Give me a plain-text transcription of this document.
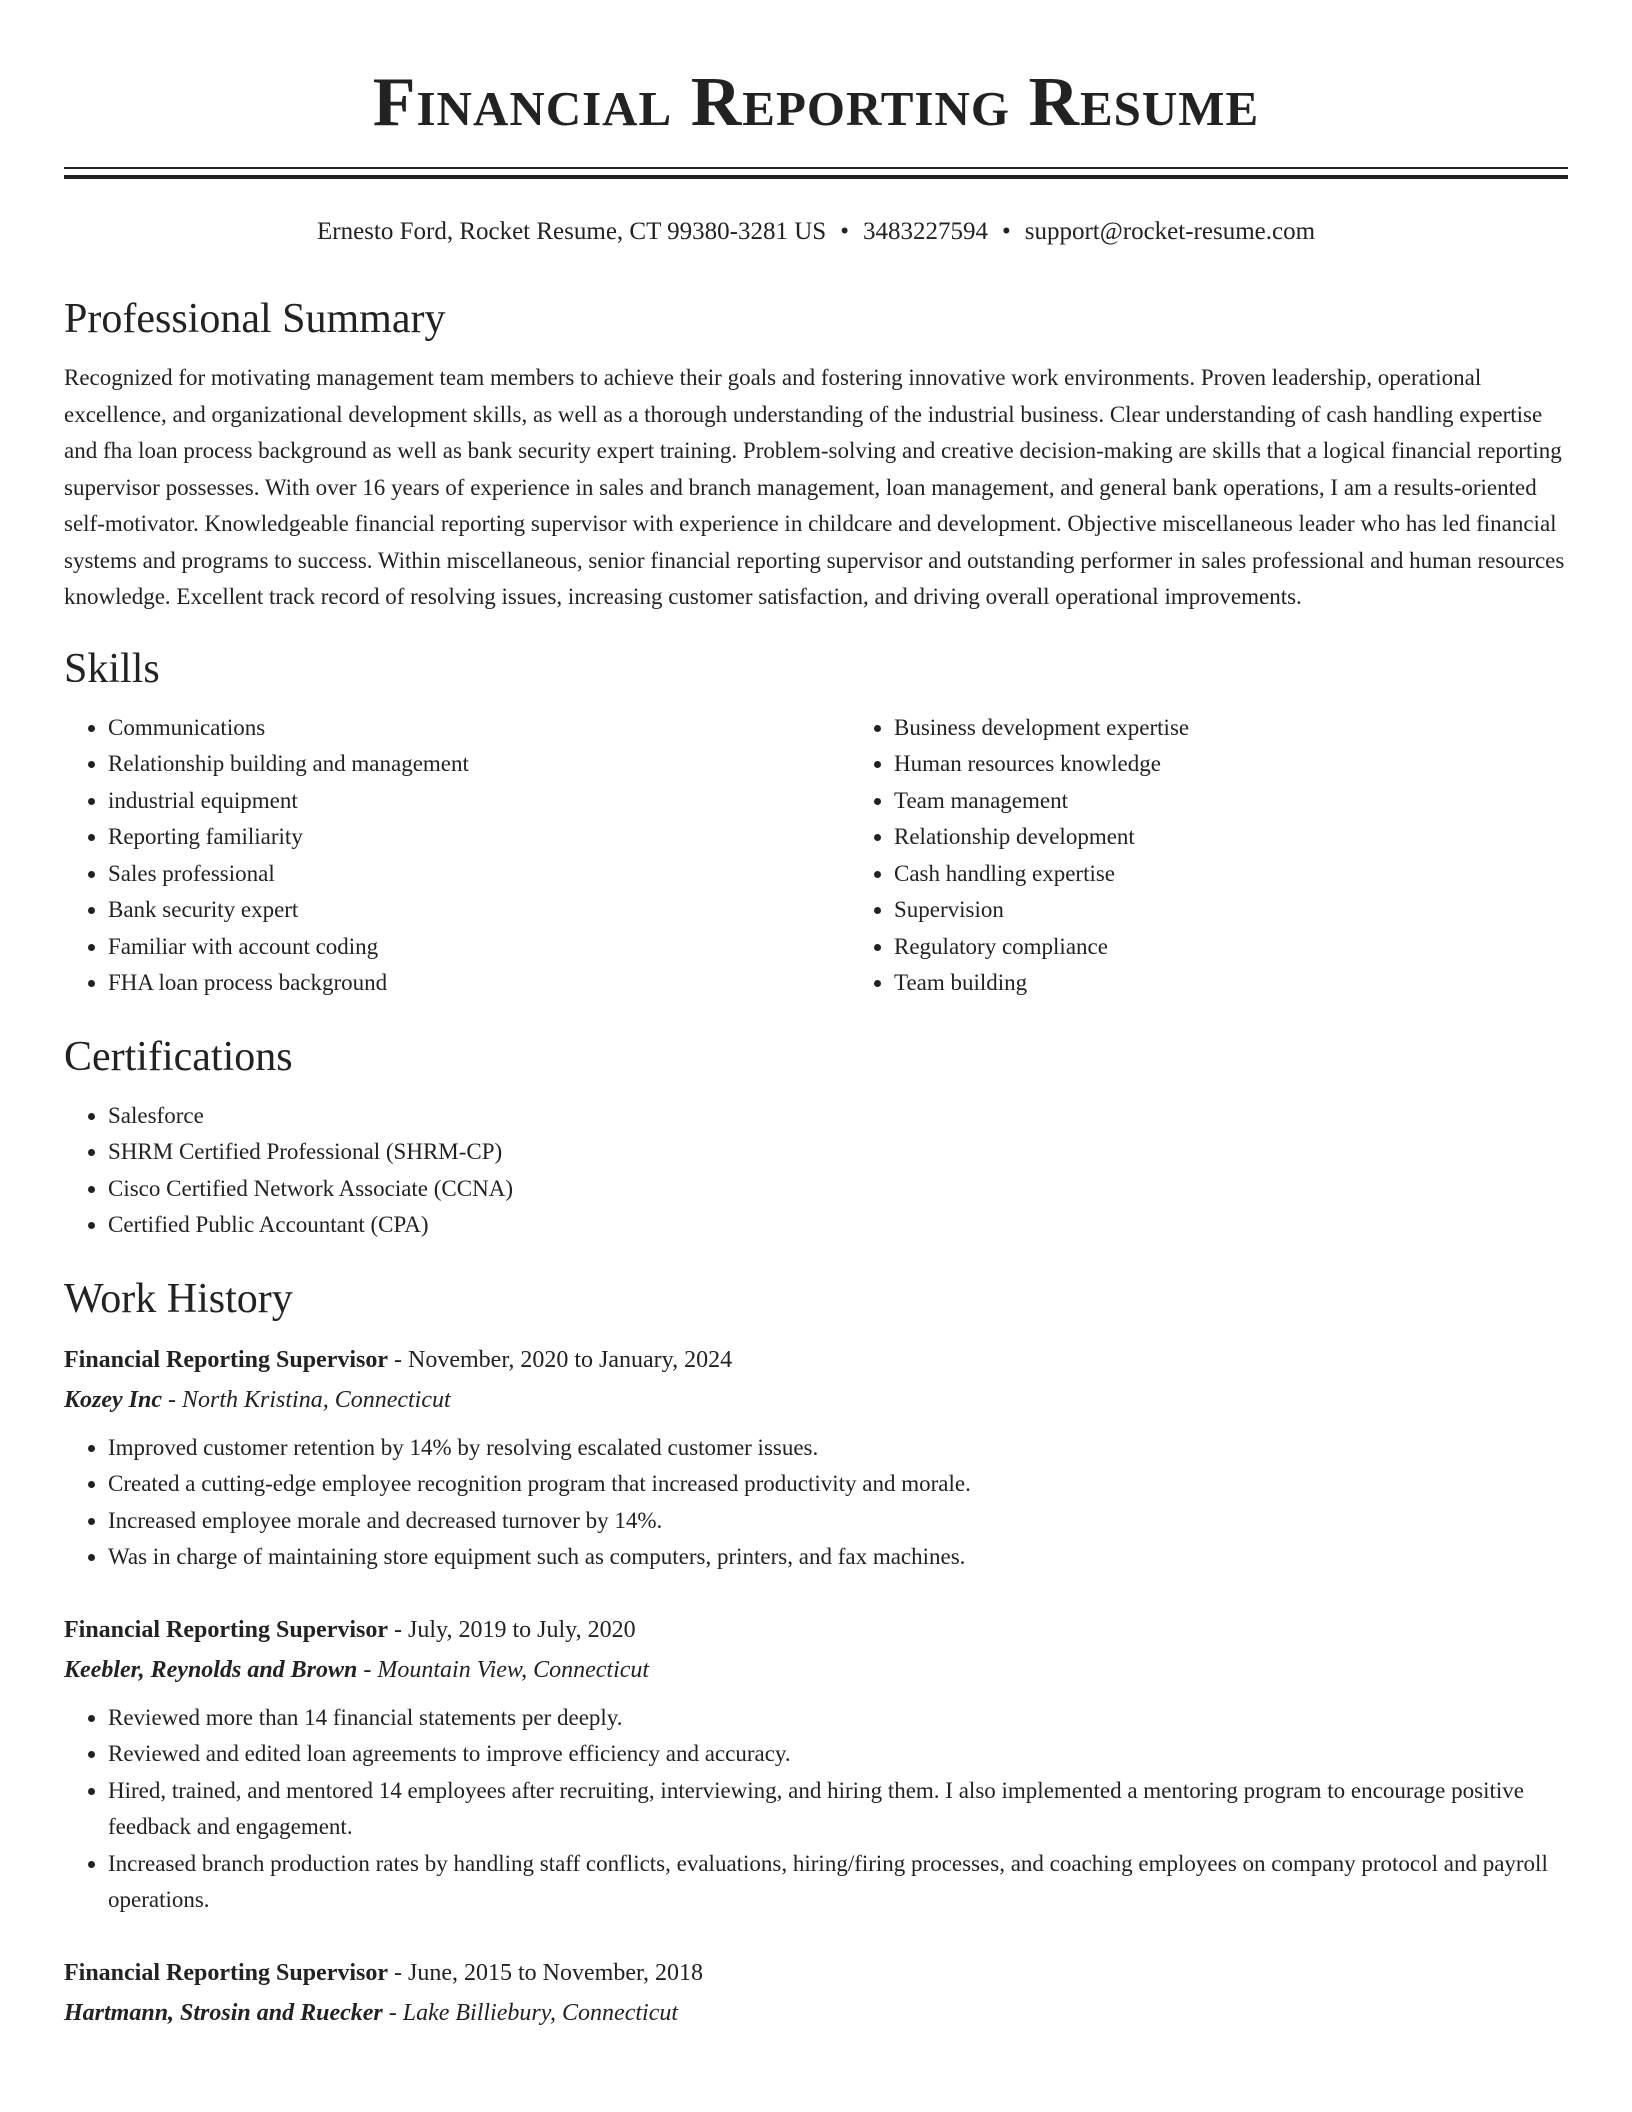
Financial Reporting Resume
Ernesto Ford, Rocket Resume, CT 99380-3281 US • 3483227594 • support@rocket-resume.com
Professional Summary

Recognized for motivating management team members to achieve their goals and fostering innovative work environments. Proven leadership, operational excellence, and organizational development skills, as well as a thorough understanding of the industrial business. Clear understanding of cash handling expertise and fha loan process background as well as bank security expert training. Problem-solving and creative decision-making are skills that a logical financial reporting supervisor possesses. With over 16 years of experience in sales and branch management, loan management, and general bank operations, I am a results-oriented self-motivator. Knowledgeable financial reporting supervisor with experience in childcare and development. Objective miscellaneous leader who has led financial systems and programs to success. Within miscellaneous, senior financial reporting supervisor and outstanding performer in sales professional and human resources knowledge. Excellent track record of resolving issues, increasing customer satisfaction, and driving overall operational improvements.

Skills
• Communications
• Relationship building and management
• industrial equipment
• Reporting familiarity
• Sales professional
• Bank security expert
• Familiar with account coding
• FHA loan process background
• Business development expertise
• Human resources knowledge
• Team management
• Relationship development
• Cash handling expertise
• Supervision
• Regulatory compliance
• Team building
Certifications
• Salesforce
• SHRM Certified Professional (SHRM-CP)
• Cisco Certified Network Associate (CCNA)
• Certified Public Accountant (CPA)
Work History
Financial Reporting Supervisor - November, 2020 to January, 2024
Kozey Inc - North Kristina, Connecticut
• Improved customer retention by 14% by resolving escalated customer issues.
• Created a cutting-edge employee recognition program that increased productivity and morale.
• Increased employee morale and decreased turnover by 14%.
• Was in charge of maintaining store equipment such as computers, printers, and fax machines.
Financial Reporting Supervisor - July, 2019 to July, 2020
Keebler, Reynolds and Brown - Mountain View, Connecticut
• Reviewed more than 14 financial statements per deeply.
• Reviewed and edited loan agreements to improve efficiency and accuracy.
• Hired, trained, and mentored 14 employees after recruiting, interviewing, and hiring them. I also implemented a mentoring program to encourage positive feedback and engagement.
• Increased branch production rates by handling staff conflicts, evaluations, hiring/firing processes, and coaching employees on company protocol and payroll operations.
Financial Reporting Supervisor - June, 2015 to November, 2018
Hartmann, Strosin and Ruecker - Lake Billiebury, Connecticut
